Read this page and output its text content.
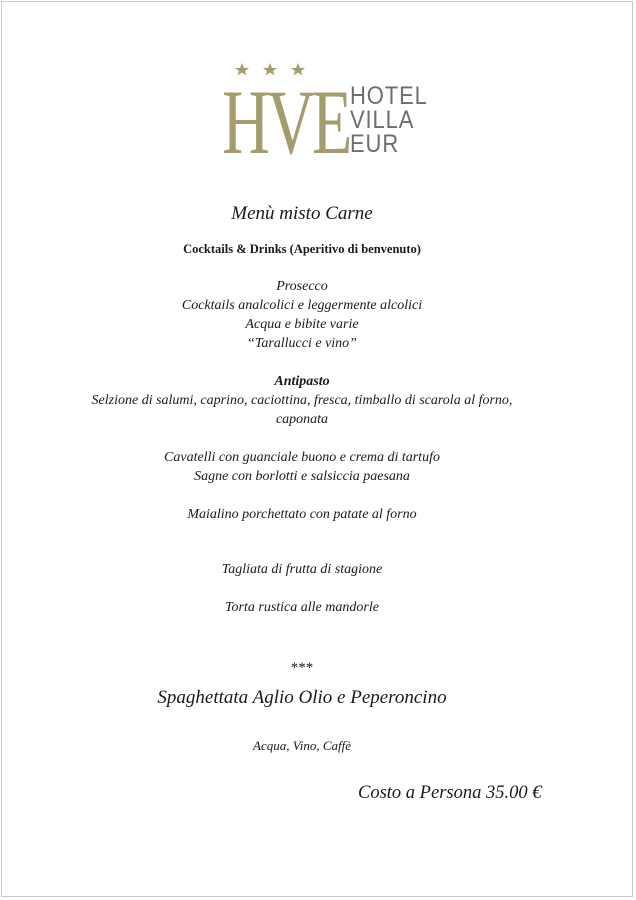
HVE HOTEL
VILLA
EUR
Menù misto Carne
Cocktails & Drinks (Aperitivo di benvenuto)
Prosecco
Cocktails analcolici e leggermente alcolici
Acqua e bibite varie
“Tarallucci e vino”
Antipasto
Selzione di salumi, caprino, caciottina, fresca, timballo di scarola al forno,
caponata
Cavatelli con guanciale buono e crema di tartufo
Sagne con borlotti e salsiccia paesana
Maialino porchettato con patate al forno
Tagliata di frutta di stagione
Torta rustica alle mandorle
***
Spaghettata Aglio Olio e Peperoncino
Acqua, Vino, Caffè
Costo a Persona 35.00 €
